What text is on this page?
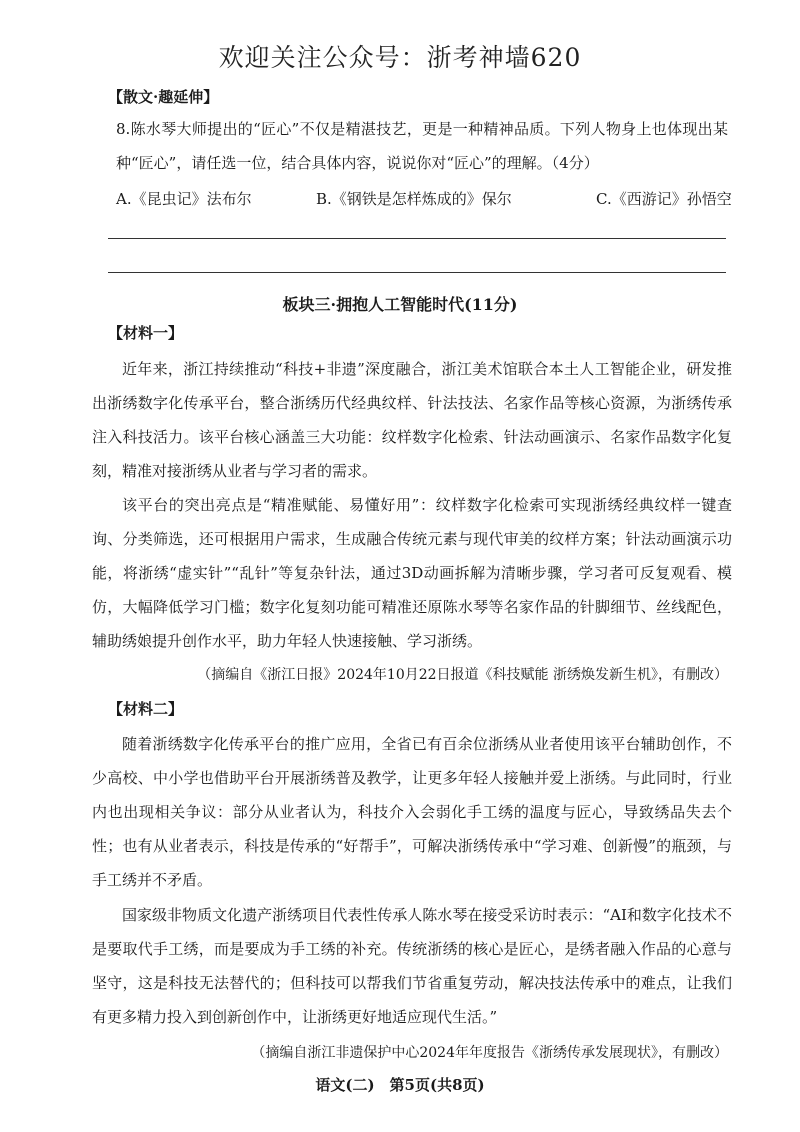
欢迎关注公众号：浙考神墙620
【散文·趣延伸】

8.陈水琴大师提出的“匠心”不仅是精湛技艺，更是一种精神品质。下列人物身上也体现出某种“匠心”，请任选一位，结合具体内容，说说你对“匠心”的理解。（4分）

A.《昆虫记》法布尔	B.《钢铁是怎样炼成的》保尔	C.《西游记》孙悟空
板块三·拥抱人工智能时代(11分)
【材料一】

近年来，浙江持续推动“科技+非遗”深度融合，浙江美术馆联合本土人工智能企业，研发推出浙绣数字化传承平台，整合浙绣历代经典纹样、针法技法、名家作品等核心资源，为浙绣传承注入科技活力。该平台核心涵盖三大功能：纹样数字化检索、针法动画演示、名家作品数字化复刻，精准对接浙绣从业者与学习者的需求。

该平台的突出亮点是“精准赋能、易懂好用”：纹样数字化检索可实现浙绣经典纹样一键查询、分类筛选，还可根据用户需求，生成融合传统元素与现代审美的纹样方案；针法动画演示功能，将浙绣“虚实针”“乱针”等复杂针法，通过3D动画拆解为清晰步骤，学习者可反复观看、模仿，大幅降低学习门槛；数字化复刻功能可精准还原陈水琴等名家作品的针脚细节、丝线配色，辅助绣娘提升创作水平，助力年轻人快速接触、学习浙绣。

（摘编自《浙江日报》2024年10月22日报道《科技赋能 浙绣焕发新生机》，有删改）
【材料二】

随着浙绣数字化传承平台的推广应用，全省已有百余位浙绣从业者使用该平台辅助创作，不少高校、中小学也借助平台开展浙绣普及教学，让更多年轻人接触并爱上浙绣。与此同时，行业内也出现相关争议：部分从业者认为，科技介入会弱化手工绣的温度与匠心，导致绣品失去个性；也有从业者表示，科技是传承的“好帮手”，可解决浙绣传承中“学习难、创新慢”的瓶颈，与手工绣并不矛盾。

国家级非物质文化遗产浙绣项目代表性传承人陈水琴在接受采访时表示：“AI和数字化技术不是要取代手工绣，而是要成为手工绣的补充。传统浙绣的核心是匠心，是绣者融入作品的心意与坚守，这是科技无法替代的；但科技可以帮我们节省重复劳动，解决技法传承中的难点，让我们有更多精力投入到创新创作中，让浙绣更好地适应现代生活。”

（摘编自浙江非遗保护中心2024年年度报告《浙绣传承发展现状》，有删改）
语文(二)　第5页(共8页)
